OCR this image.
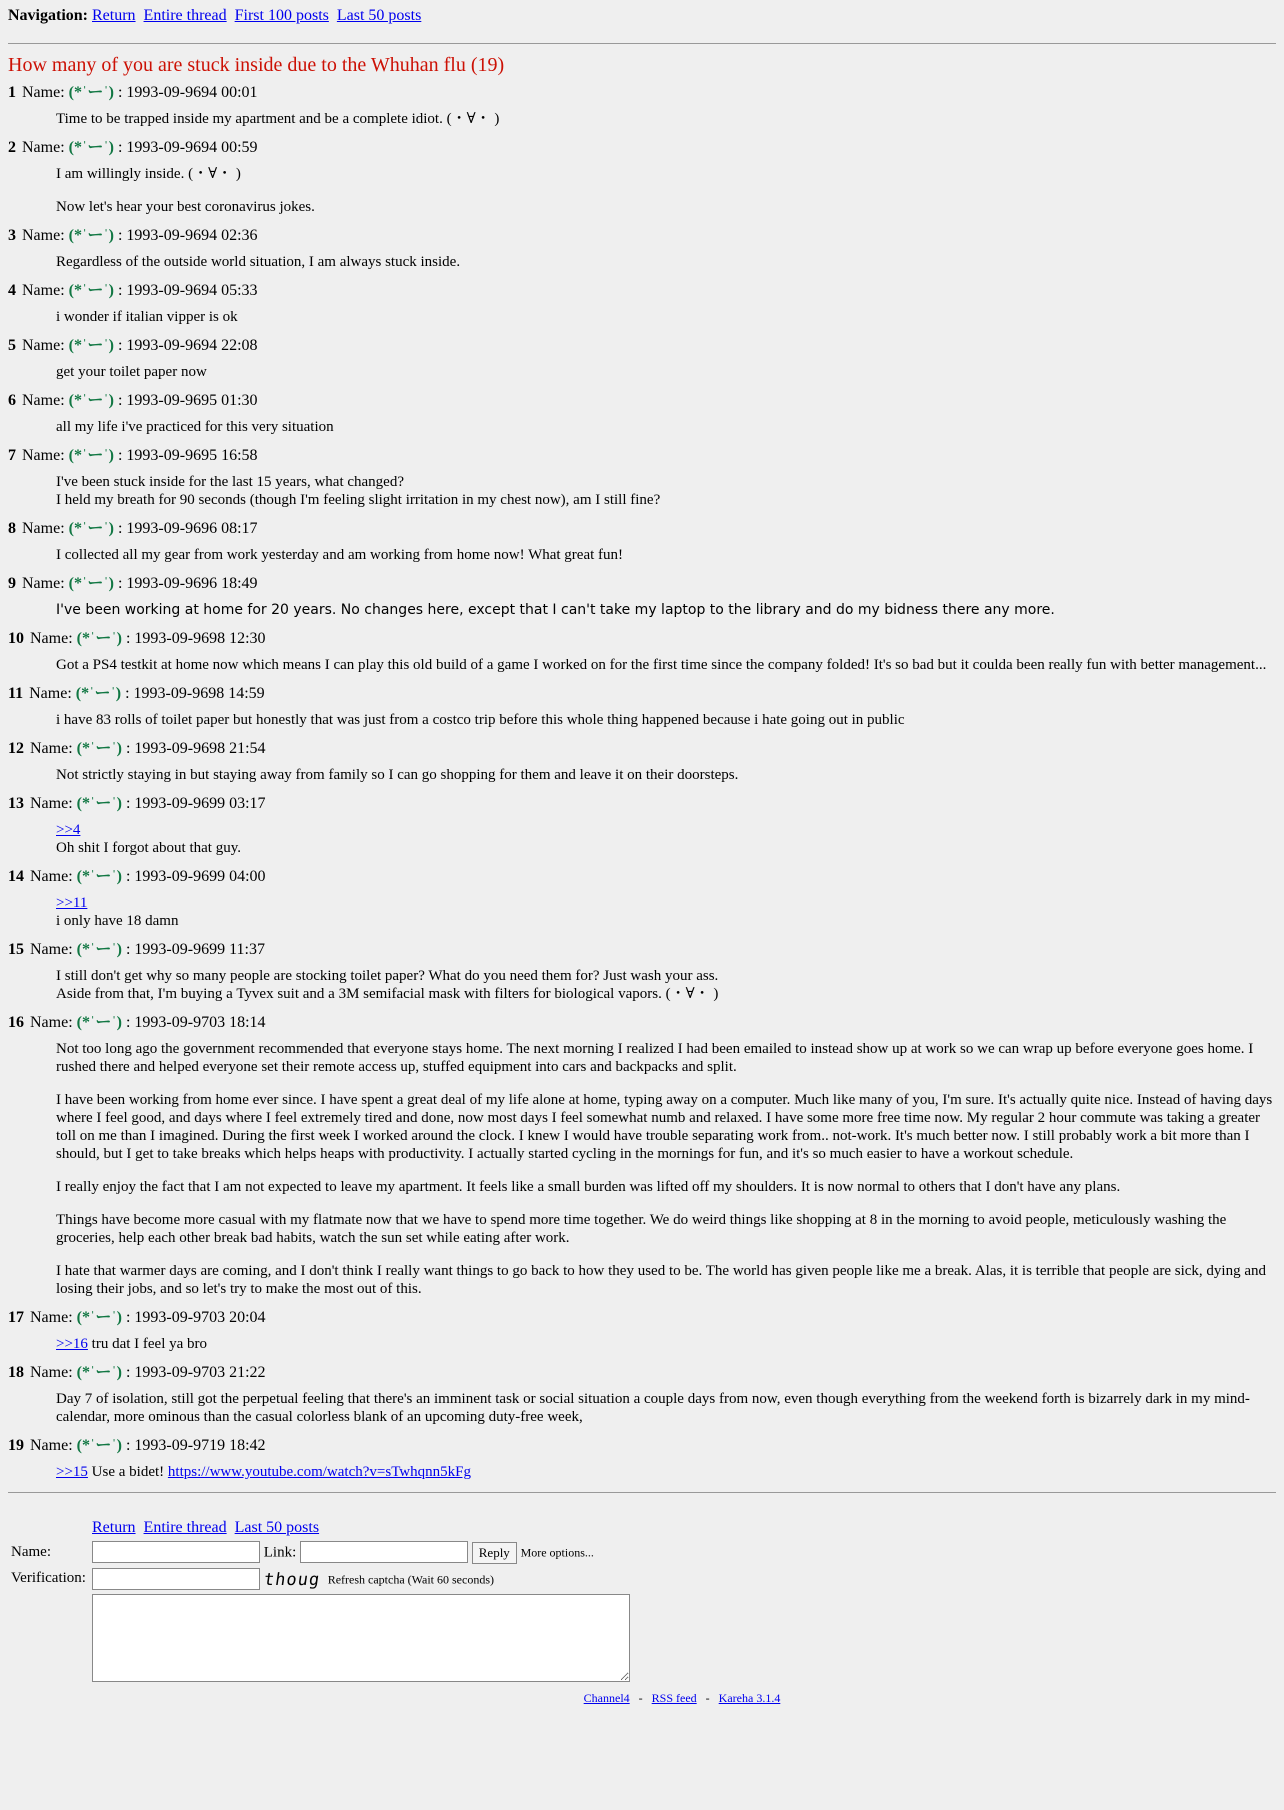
Navigation: Return Entire thread First 100 posts Last 50 posts
How many of you are stuck inside due to the Whuhan flu (19)
1 Name: (*ˈーˈ) : 1993-09-9694 00:01

Time to be trapped inside my apartment and be a complete idiot. (・∀・ )

2 Name: (*ˈーˈ) : 1993-09-9694 00:59

I am willingly inside. (・∀・ )

Now let's hear your best coronavirus jokes.

3 Name: (*ˈーˈ) : 1993-09-9694 02:36

Regardless of the outside world situation, I am always stuck inside.

4 Name: (*ˈーˈ) : 1993-09-9694 05:33

i wonder if italian vipper is ok

5 Name: (*ˈーˈ) : 1993-09-9694 22:08

get your toilet paper now

6 Name: (*ˈーˈ) : 1993-09-9695 01:30

all my life i've practiced for this very situation

7 Name: (*ˈーˈ) : 1993-09-9695 16:58
I've been stuck inside for the last 15 years, what changed?
I held my breath for 90 seconds (though I'm feeling slight irritation in my chest now), am I still fine?
8 Name: (*ˈーˈ) : 1993-09-9696 08:17

I collected all my gear from work yesterday and am working from home now! What great fun!

9 Name: (*ˈーˈ) : 1993-09-9696 18:49

I've been working at home for 20 years. No changes here, except that I can't take my laptop to the library and do my bidness there any more.

10 Name: (*ˈーˈ) : 1993-09-9698 12:30

Got a PS4 testkit at home now which means I can play this old build of a game I worked on for the first time since the company folded! It's so bad but it coulda been really fun with better management...

11 Name: (*ˈーˈ) : 1993-09-9698 14:59

i have 83 rolls of toilet paper but honestly that was just from a costco trip before this whole thing happened because i hate going out in public

12 Name: (*ˈーˈ) : 1993-09-9698 21:54

Not strictly staying in but staying away from family so I can go shopping for them and leave it on their doorsteps.

13 Name: (*ˈーˈ) : 1993-09-9699 03:17
>>4
Oh shit I forgot about that guy.
14 Name: (*ˈーˈ) : 1993-09-9699 04:00
>>11
i only have 18 damn
15 Name: (*ˈーˈ) : 1993-09-9699 11:37
I still don't get why so many people are stocking toilet paper? What do you need them for? Just wash your ass.
Aside from that, I'm buying a Tyvex suit and a 3M semifacial mask with filters for biological vapors. (・∀・ )
16 Name: (*ˈーˈ) : 1993-09-9703 18:14

Not too long ago the government recommended that everyone stays home. The next morning I realized I had been emailed to instead show up at work so we can wrap up before everyone goes home. I rushed there and helped everyone set their remote access up, stuffed equipment into cars and backpacks and split.

I have been working from home ever since. I have spent a great deal of my life alone at home, typing away on a computer. Much like many of you, I'm sure. It's actually quite nice. Instead of having days where I feel good, and days where I feel extremely tired and done, now most days I feel somewhat numb and relaxed. I have some more free time now. My regular 2 hour commute was taking a greater toll on me than I imagined. During the first week I worked around the clock. I knew I would have trouble separating work from.. not-work. It's much better now. I still probably work a bit more than I should, but I get to take breaks which helps heaps with productivity. I actually started cycling in the mornings for fun, and it's so much easier to have a workout schedule.

I really enjoy the fact that I am not expected to leave my apartment. It feels like a small burden was lifted off my shoulders. It is now normal to others that I don't have any plans.

Things have become more casual with my flatmate now that we have to spend more time together. We do weird things like shopping at 8 in the morning to avoid people, meticulously washing the groceries, help each other break bad habits, watch the sun set while eating after work.

I hate that warmer days are coming, and I don't think I really want things to go back to how they used to be. The world has given people like me a break. Alas, it is terrible that people are sick, dying and losing their jobs, and so let's try to make the most out of this.

17 Name: (*ˈーˈ) : 1993-09-9703 20:04
>>16 tru dat I feel ya bro
18 Name: (*ˈーˈ) : 1993-09-9703 21:22

Day 7 of isolation, still got the perpetual feeling that there's an imminent task or social situation a couple days from now, even though everything from the weekend forth is bizarrely dark in my mind-calendar, more ominous than the casual colorless blank of an upcoming duty-free week,

19 Name: (*ˈーˈ) : 1993-09-9719 18:42
>>15 Use a bidet! https://www.youtube.com/watch?v=sTwhqnn5kFg
Return Entire thread Last 50 posts
Name:	Link: Reply More options...
Verification:	thoug Refresh captcha (Wait 60 seconds)

Channel4 - RSS feed - Kareha 3.1.4
